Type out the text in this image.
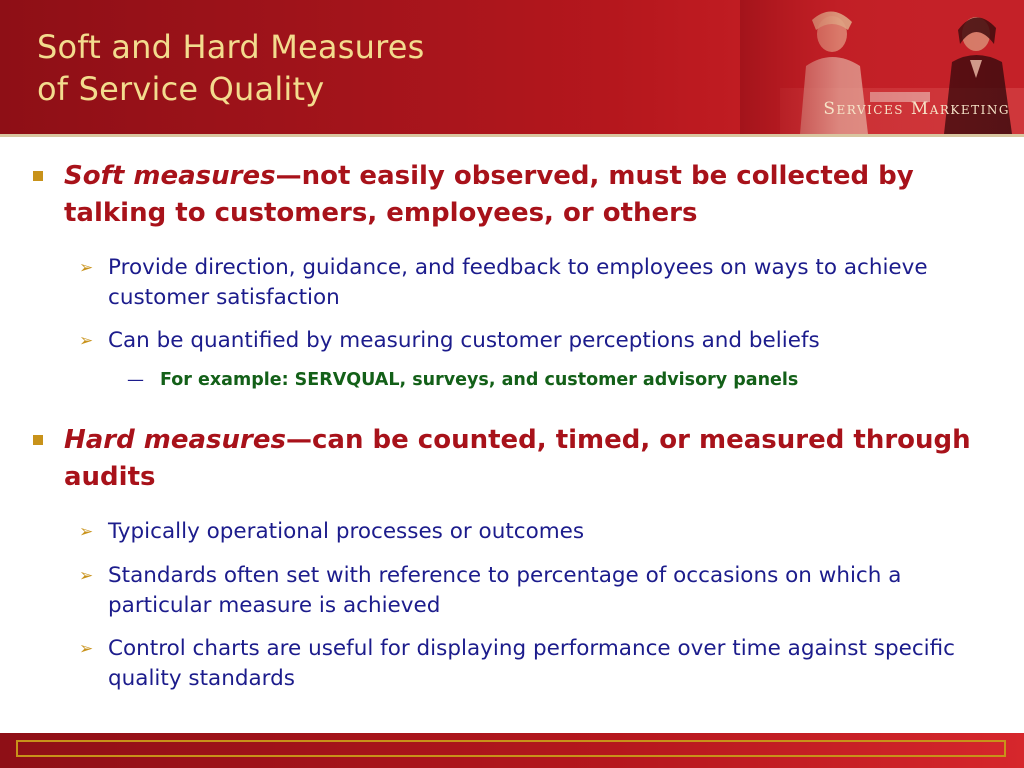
Soft and Hard Measures
of Service Quality

Services Marketing

Soft measures—not easily observed, must be collected by talking to customers, employees, or others
➢ Provide direction, guidance, and feedback to employees on ways to achieve customer satisfaction
➢ Can be quantified by measuring customer perceptions and beliefs
— For example: SERVQUAL, surveys, and customer advisory panels
Hard measures—can be counted, timed, or measured through audits
➢ Typically operational processes or outcomes
➢ Standards often set with reference to percentage of occasions on which a particular measure is achieved
➢ Control charts are useful for displaying performance over time against specific quality standards
